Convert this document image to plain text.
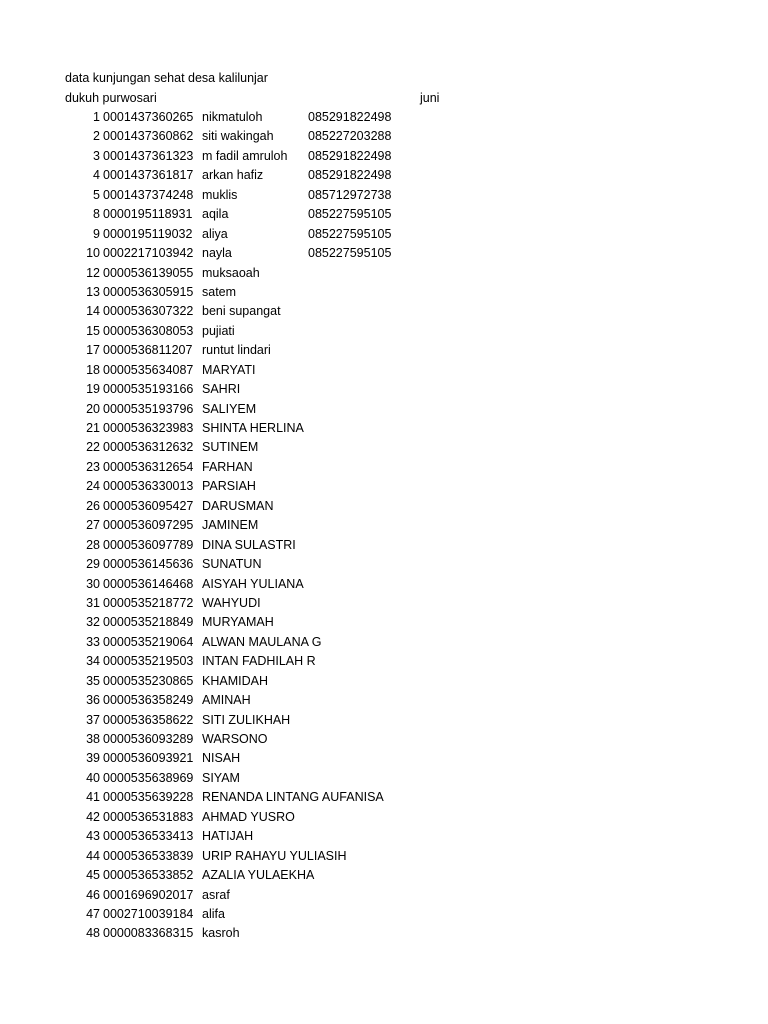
data kunjungan sehat desa kalilunjar
dukuh purwosari	juni
1 0001437360265 nikmatuloh	085291822498
2 0001437360862 siti wakingah	085227203288
3 0001437361323 m fadil amruloh 085291822498
4 0001437361817 arkan hafiz	085291822498
5 0001437374248 muklis	085712972738
8 0000195118931 aqila	085227595105
9 0000195119032 aliya	085227595105
10 0002217103942 nayla	085227595105
12 0000536139055 muksaoah
13 0000536305915 satem
14 0000536307322 beni supangat
15 0000536308053 pujiati
17 0000536811207 runtut lindari
18 0000535634087 MARYATI
19 0000535193166 SAHRI
20 0000535193796 SALIYEM
21 0000536323983 SHINTA HERLINA
22 0000536312632 SUTINEM
23 0000536312654 FARHAN
24 0000536330013 PARSIAH
26 0000536095427 DARUSMAN
27 0000536097295 JAMINEM
28 0000536097789 DINA SULASTRI
29 0000536145636 SUNATUN
30 0000536146468 AISYAH YULIANA
31 0000535218772 WAHYUDI
32 0000535218849 MURYAMAH
33 0000535219064 ALWAN MAULANA G
34 0000535219503 INTAN FADHILAH R
35 0000535230865 KHAMIDAH
36 0000536358249 AMINAH
37 0000536358622 SITI ZULIKHAH
38 0000536093289 WARSONO
39 0000536093921 NISAH
40 0000535638969 SIYAM
41 0000535639228 RENANDA LINTANG AUFANISA
42 0000536531883 AHMAD YUSRO
43 0000536533413 HATIJAH
44 0000536533839 URIP RAHAYU YULIASIH
45 0000536533852 AZALIA YULAEKHA
46 0001696902017 asraf
47 0002710039184 alifa
48 0000083368315 kasroh
